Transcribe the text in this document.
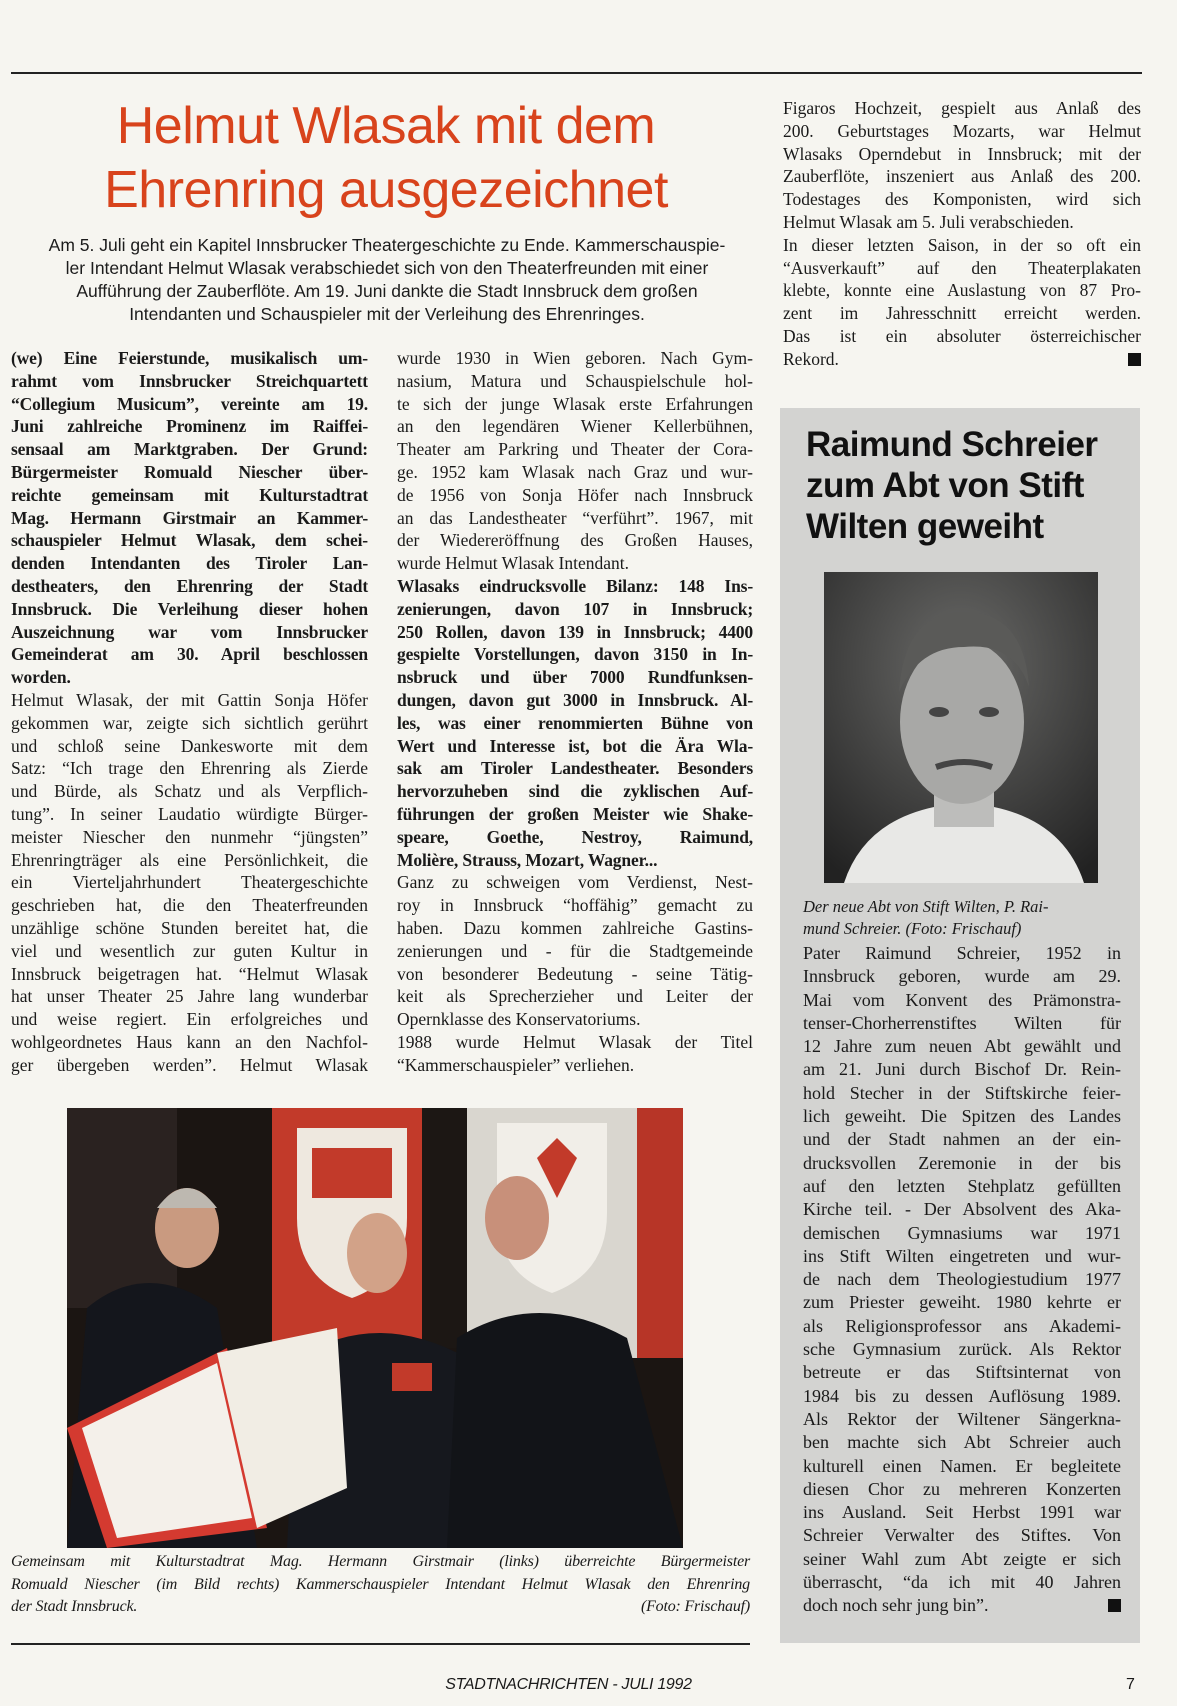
Helmut Wlasak mit dem
Ehrenring ausgezeichnet
Am 5. Juli geht ein Kapitel Innsbrucker Theatergeschichte zu Ende. Kammerschauspie-
ler Intendant Helmut Wlasak verabschiedet sich von den Theaterfreunden mit einer
Aufführung der Zauberflöte. Am 19. Juni dankte die Stadt Innsbruck dem großen
Intendanten und Schauspieler mit der Verleihung des Ehrenringes.
(we) Eine Feierstunde, musikalisch um-
rahmt vom Innsbrucker Streichquartett
“Collegium Musicum”, vereinte am 19.
Juni zahlreiche Prominenz im Raiffei-
sensaal am Marktgraben. Der Grund:
Bürgermeister Romuald Niescher über-
reichte gemeinsam mit Kulturstadtrat
Mag. Hermann Girstmair an Kammer-
schauspieler Helmut Wlasak, dem schei-
denden Intendanten des Tiroler Lan-
destheaters, den Ehrenring der Stadt
Innsbruck. Die Verleihung dieser hohen
Auszeichnung war vom Innsbrucker
Gemeinderat am 30. April beschlossen
worden.
Helmut Wlasak, der mit Gattin Sonja Höfer
gekommen war, zeigte sich sichtlich gerührt
und schloß seine Dankesworte mit dem
Satz: “Ich trage den Ehrenring als Zierde
und Bürde, als Schatz und als Verpflich-
tung”. In seiner Laudatio würdigte Bürger-
meister Niescher den nunmehr “jüngsten”
Ehrenringträger als eine Persönlichkeit, die
ein Vierteljahrhundert Theatergeschichte
geschrieben hat, die den Theaterfreunden
unzählige schöne Stunden bereitet hat, die
viel und wesentlich zur guten Kultur in
Innsbruck beigetragen hat. “Helmut Wlasak
hat unser Theater 25 Jahre lang wunderbar
und weise regiert. Ein erfolgreiches und
wohlgeordnetes Haus kann an den Nachfol-
ger übergeben werden”. Helmut Wlasak
wurde 1930 in Wien geboren. Nach Gym-
nasium, Matura und Schauspielschule hol-
te sich der junge Wlasak erste Erfahrungen
an den legendären Wiener Kellerbühnen,
Theater am Parkring und Theater der Cora-
ge. 1952 kam Wlasak nach Graz und wur-
de 1956 von Sonja Höfer nach Innsbruck
an das Landestheater “verführt”. 1967, mit
der Wiedereröffnung des Großen Hauses,
wurde Helmut Wlasak Intendant.
Wlasaks eindrucksvolle Bilanz: 148 Ins-
zenierungen, davon 107 in Innsbruck;
250 Rollen, davon 139 in Innsbruck; 4400
gespielte Vorstellungen, davon 3150 in In-
nsbruck und über 7000 Rundfunksen-
dungen, davon gut 3000 in Innsbruck. Al-
les, was einer renommierten Bühne von
Wert und Interesse ist, bot die Ära Wla-
sak am Tiroler Landestheater. Besonders
hervorzuheben sind die zyklischen Auf-
führungen der großen Meister wie Shake-
speare, Goethe, Nestroy, Raimund,
Molière, Strauss, Mozart, Wagner...
Ganz zu schweigen vom Verdienst, Nest-
roy in Innsbruck “hoffähig” gemacht zu
haben. Dazu kommen zahlreiche Gastins-
zenierungen und - für die Stadtgemeinde
von besonderer Bedeutung - seine Tätig-
keit als Sprecherzieher und Leiter der
Opernklasse des Konservatoriums.
1988 wurde Helmut Wlasak der Titel
“Kammerschauspieler” verliehen.
Figaros Hochzeit, gespielt aus Anlaß des
200. Geburtstages Mozarts, war Helmut
Wlasaks Operndebut in Innsbruck; mit der
Zauberflöte, inszeniert aus Anlaß des 200.
Todestages des Komponisten, wird sich
Helmut Wlasak am 5. Juli verabschieden.
In dieser letzten Saison, in der so oft ein
“Ausverkauft” auf den Theaterplakaten
klebte, konnte eine Auslastung von 87 Pro-
zent im Jahresschnitt erreicht werden.
Das ist ein absoluter österreichischer
Rekord.
Gemeinsam mit Kulturstadtrat Mag. Hermann Girstmair (links) überreichte Bürgermeister
Romuald Niescher (im Bild rechts) Kammerschauspieler Intendant Helmut Wlasak den Ehrenring
der Stadt Innsbruck.	(Foto: Frischauf)
Raimund Schreier
zum Abt von Stift
Wilten geweiht
Der neue Abt von Stift Wilten, P. Rai-
mund Schreier. (Foto: Frischauf)
Pater Raimund Schreier, 1952 in
Innsbruck geboren, wurde am 29.
Mai vom Konvent des Prämonstra-
tenser-Chorherrenstiftes Wilten für
12 Jahre zum neuen Abt gewählt und
am 21. Juni durch Bischof Dr. Rein-
hold Stecher in der Stiftskirche feier-
lich geweiht. Die Spitzen des Landes
und der Stadt nahmen an der ein-
drucksvollen Zeremonie in der bis
auf den letzten Stehplatz gefüllten
Kirche teil. - Der Absolvent des Aka-
demischen Gymnasiums war 1971
ins Stift Wilten eingetreten und wur-
de nach dem Theologiestudium 1977
zum Priester geweiht. 1980 kehrte er
als Religionsprofessor ans Akademi-
sche Gymnasium zurück. Als Rektor
betreute er das Stiftsinternat von
1984 bis zu dessen Auflösung 1989.
Als Rektor der Wiltener Sängerkna-
ben machte sich Abt Schreier auch
kulturell einen Namen. Er begleitete
diesen Chor zu mehreren Konzerten
ins Ausland. Seit Herbst 1991 war
Schreier Verwalter des Stiftes. Von
seiner Wahl zum Abt zeigte er sich
überrascht, “da ich mit 40 Jahren
doch noch sehr jung bin”.
STADTNACHRICHTEN - JULI 1992	7
